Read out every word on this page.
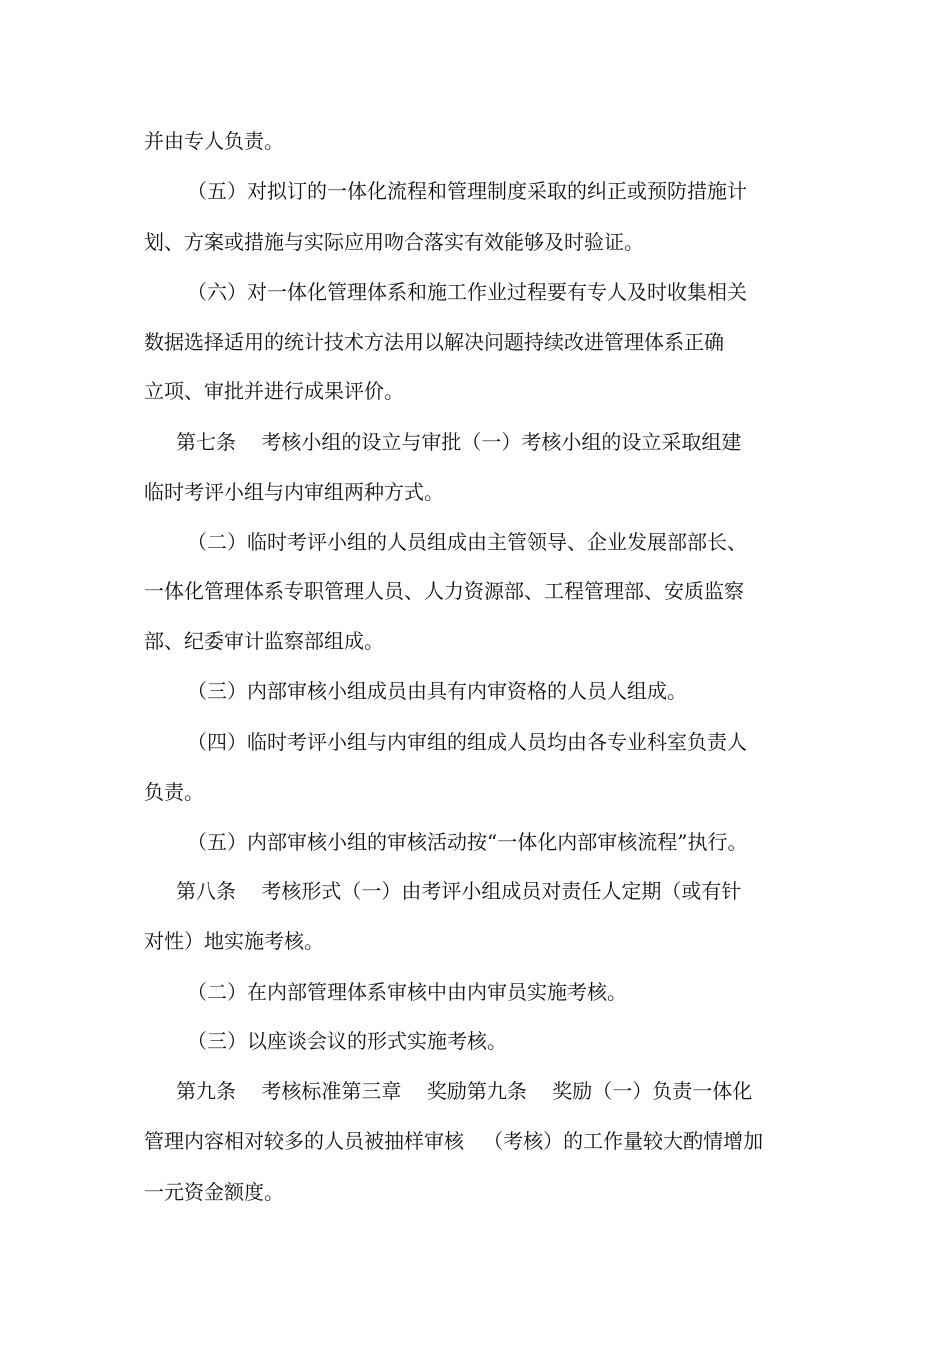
并由专人负责。
（五）对拟订的一体化流程和管理制度采取的纠正或预防措施计
划、方案或措施与实际应用吻合落实有效能够及时验证。
（六）对一体化管理体系和施工作业过程要有专人及时收集相关
数据选择适用的统计技术方法用以解决问题持续改进管理体系正确
立项、审批并进行成果评价。
第七条    考核小组的设立与审批（一）考核小组的设立采取组建
临时考评小组与内审组两种方式。
（二）临时考评小组的人员组成由主管领导、企业发展部部长、
一体化管理体系专职管理人员、人力资源部、工程管理部、安质监察
部、纪委审计监察部组成。
（三）内部审核小组成员由具有内审资格的人员人组成。
（四）临时考评小组与内审组的组成人员均由各专业科室负责人
负责。
（五）内部审核小组的审核活动按“一体化内部审核流程”执行。
第八条    考核形式（一）由考评小组成员对责任人定期（或有针
对性）地实施考核。
（二）在内部管理体系审核中由内审员实施考核。
（三）以座谈会议的形式实施考核。
第九条    考核标准第三章    奖励第九条    奖励（一）负责一体化
管理内容相对较多的人员被抽样审核   （考核）的工作量较大酌情增加
一元资金额度。
